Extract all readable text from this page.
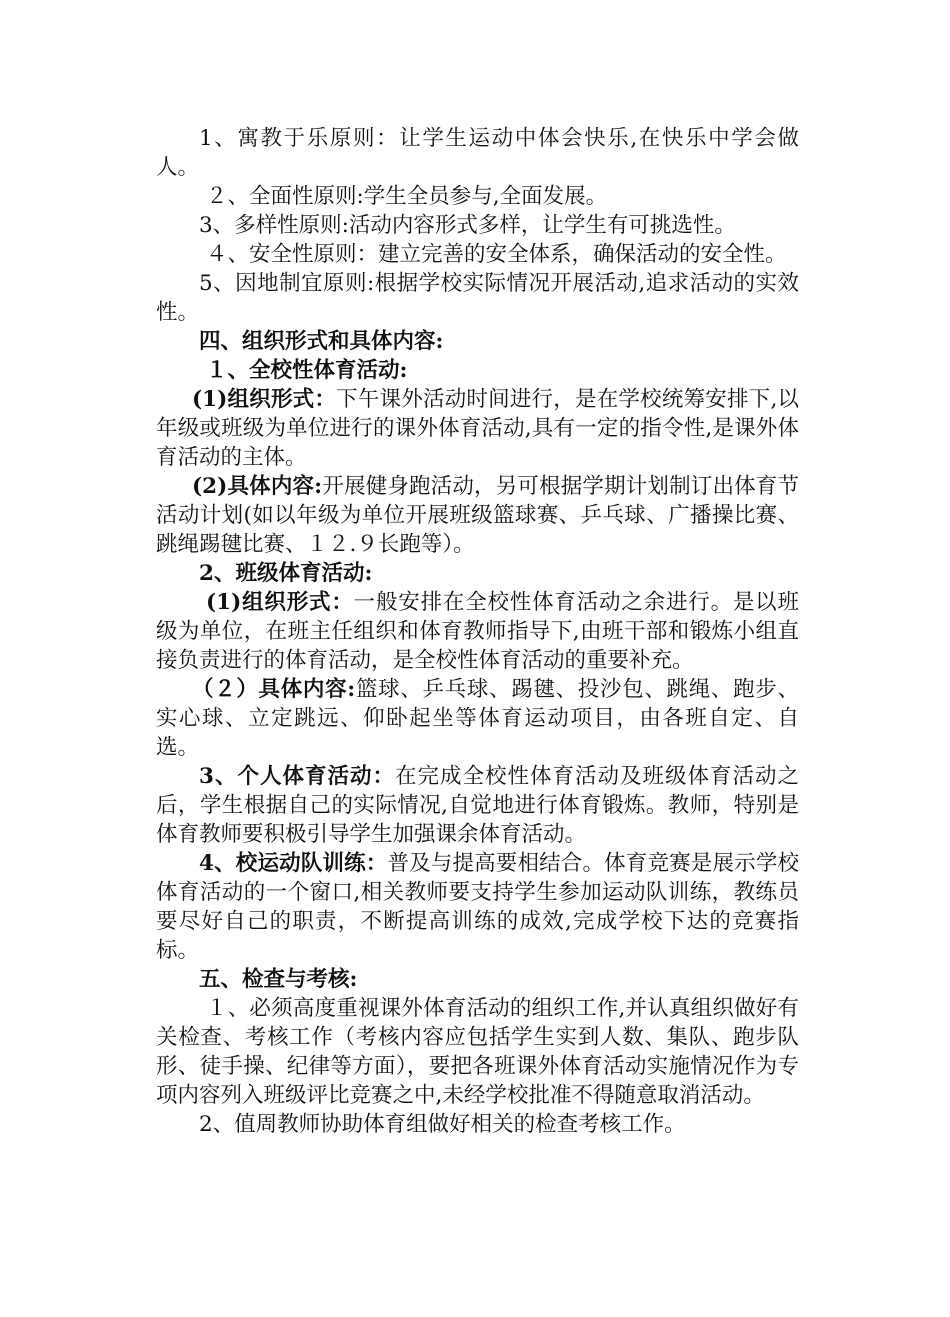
1、寓教于乐原则：让学生运动中体会快乐,在快乐中学会做人。

２、全面性原则:学生全员参与,全面发展。

3、多样性原则:活动内容形式多样，让学生有可挑选性。

４、安全性原则：建立完善的安全体系，确保活动的安全性。

5、因地制宜原则:根据学校实际情况开展活动,追求活动的实效性。

四、组织形式和具体内容:

１、全校性体育活动:

(1)组织形式：下午课外活动时间进行，是在学校统筹安排下,以年级或班级为单位进行的课外体育活动,具有一定的指令性,是课外体育活动的主体。

(2)具体内容:开展健身跑活动，另可根据学期计划制订出体育节活动计划(如以年级为单位开展班级篮球赛、乒乓球、广播操比赛、跳绳踢毽比赛、１２.９长跑等）。

2、班级体育活动:

(1)组织形式：一般安排在全校性体育活动之余进行。是以班级为单位，在班主任组织和体育教师指导下,由班干部和锻炼小组直接负责进行的体育活动，是全校性体育活动的重要补充。

（２）具体内容:篮球、乒乓球、踢毽、投沙包、跳绳、跑步、实心球、立定跳远、仰卧起坐等体育运动项目，由各班自定、自选。

3、个人体育活动：在完成全校性体育活动及班级体育活动之后，学生根据自己的实际情况,自觉地进行体育锻炼。教师，特别是体育教师要积极引导学生加强课余体育活动。

4、校运动队训练：普及与提高要相结合。体育竞赛是展示学校体育活动的一个窗口,相关教师要支持学生参加运动队训练，教练员要尽好自己的职责，不断提高训练的成效,完成学校下达的竞赛指标。

五、检查与考核:

１、必须高度重视课外体育活动的组织工作,并认真组织做好有关检查、考核工作（考核内容应包括学生实到人数、集队、跑步队形、徒手操、纪律等方面），要把各班课外体育活动实施情况作为专项内容列入班级评比竞赛之中,未经学校批准不得随意取消活动。

2、值周教师协助体育组做好相关的检查考核工作。
